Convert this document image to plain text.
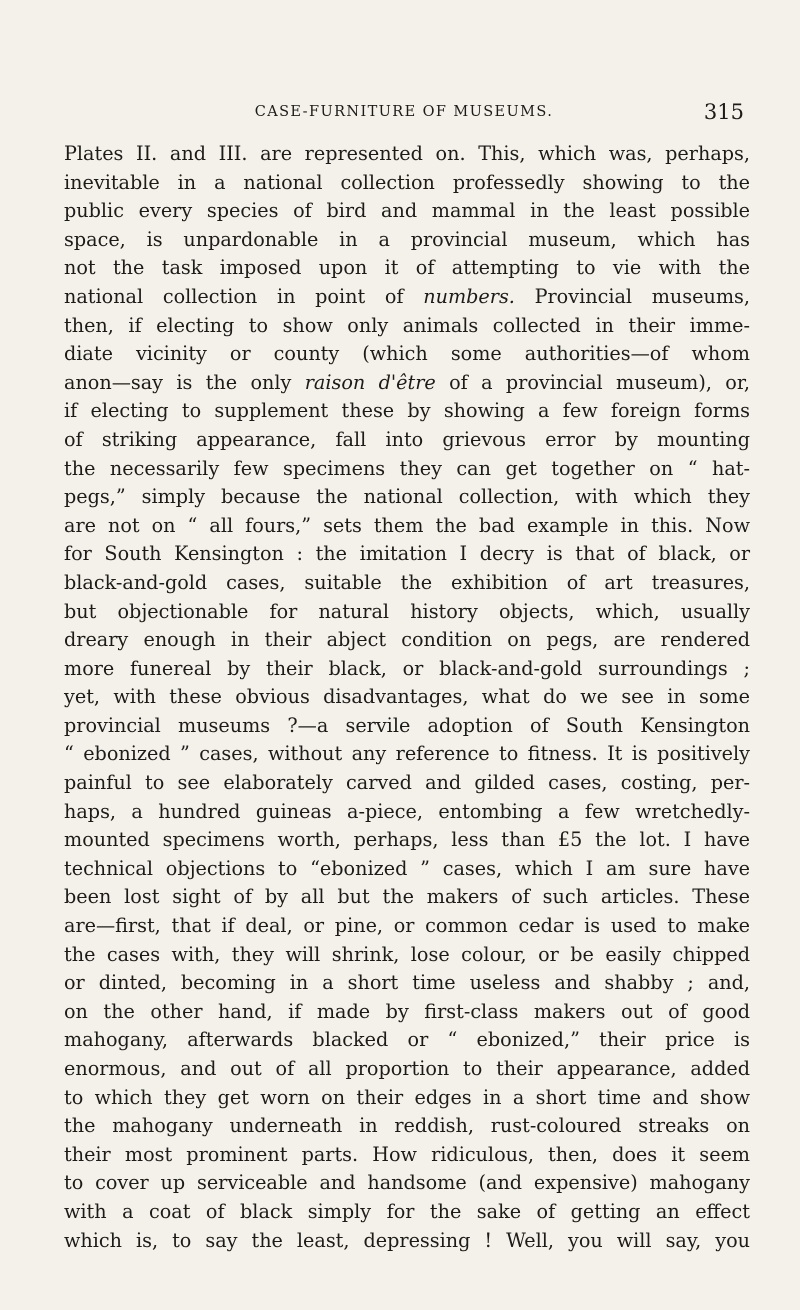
CASE-FURNITURE OF MUSEUMS.	315
Plates II. and III. are represented on. This, which was, perhaps,
inevitable in a national collection professedly showing to the
public every species of bird and mammal in the least possible
space, is unpardonable in a provincial museum, which has
not the task imposed upon it of attempting to vie with the
national collection in point of numbers. Provincial museums,
then, if electing to show only animals collected in their imme-
diate vicinity or county (which some authorities—of whom
anon—say is the only raison d'être of a provincial museum), or,
if electing to supplement these by showing a few foreign forms
of striking appearance, fall into grievous error by mounting
the necessarily few specimens they can get together on “ hat-
pegs,” simply because the national collection, with which they
are not on “ all fours,” sets them the bad example in this. Now
for South Kensington : the imitation I decry is that of black, or
black-and-gold cases, suitable the exhibition of art treasures,
but objectionable for natural history objects, which, usually
dreary enough in their abject condition on pegs, are rendered
more funereal by their black, or black-and-gold surroundings ;
yet, with these obvious disadvantages, what do we see in some
provincial museums ?—a servile adoption of South Kensington
“ ebonized ” cases, without any reference to fitness. It is positively
painful to see elaborately carved and gilded cases, costing, per-
haps, a hundred guineas a-piece, entombing a few wretchedly-
mounted specimens worth, perhaps, less than £5 the lot. I have
technical objections to “ebonized ” cases, which I am sure have
been lost sight of by all but the makers of such articles. These
are—first, that if deal, or pine, or common cedar is used to make
the cases with, they will shrink, lose colour, or be easily chipped
or dinted, becoming in a short time useless and shabby ; and,
on the other hand, if made by first-class makers out of good
mahogany, afterwards blacked or “ ebonized,” their price is
enormous, and out of all proportion to their appearance, added
to which they get worn on their edges in a short time and show
the mahogany underneath in reddish, rust-coloured streaks on
their most prominent parts. How ridiculous, then, does it seem
to cover up serviceable and handsome (and expensive) mahogany
with a coat of black simply for the sake of getting an effect
which is, to say the least, depressing ! Well, you will say, you
